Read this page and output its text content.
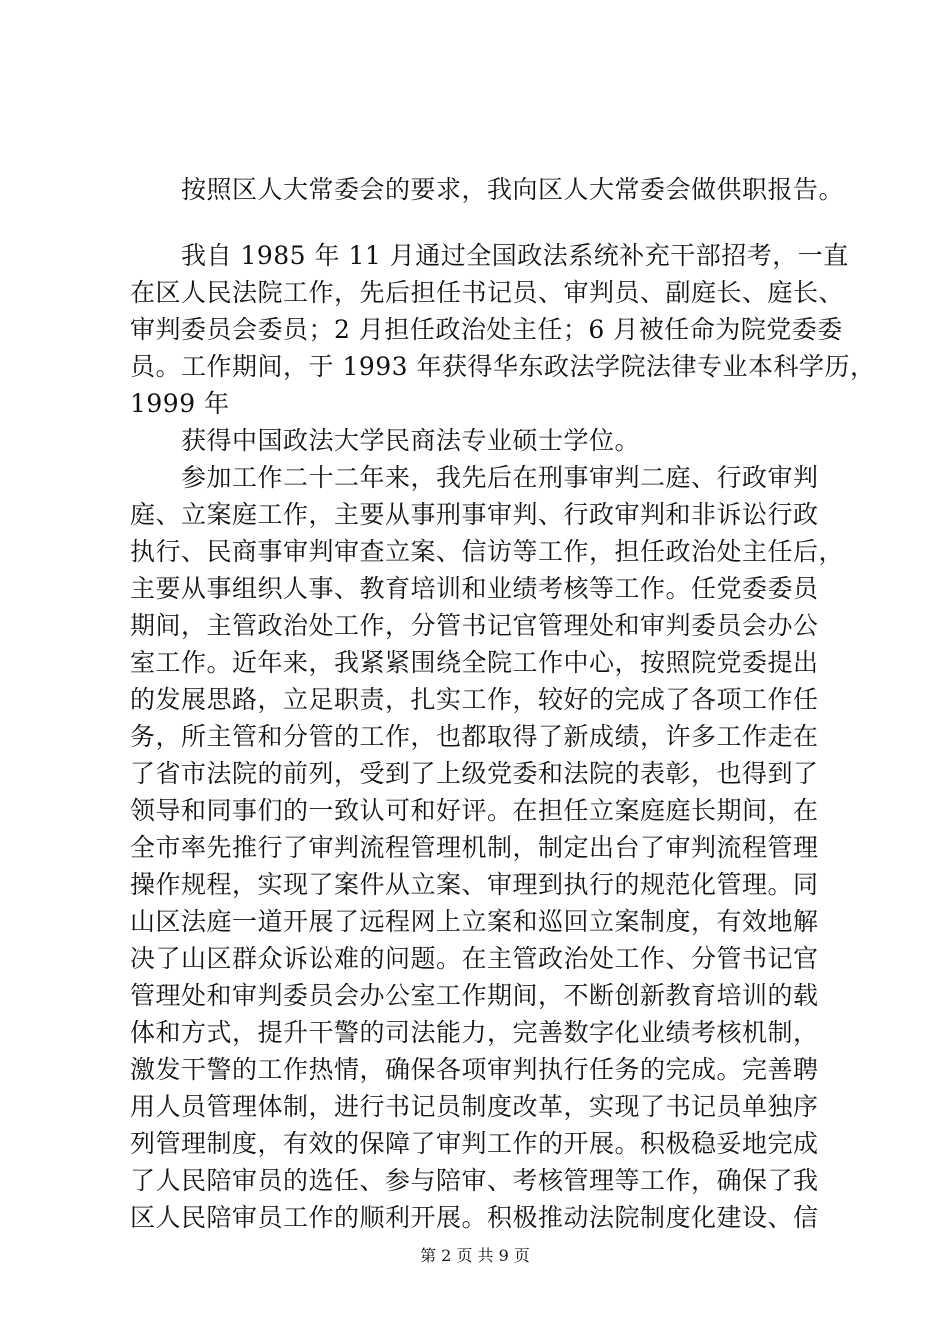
　　按照区人大常委会的要求，我向区人大常委会做供职报告。
　　我自 1985 年 11 月通过全国政法系统补充干部招考，一直
在区人民法院工作，先后担任书记员、审判员、副庭长、庭长、
审判委员会委员；2 月担任政治处主任；6 月被任命为院党委委
员。工作期间，于 1993 年获得华东政法学院法律专业本科学历，
1999 年
　　获得中国政法大学民商法专业硕士学位。
　　参加工作二十二年来，我先后在刑事审判二庭、行政审判
庭、立案庭工作，主要从事刑事审判、行政审判和非诉讼行政
执行、民商事审判审查立案、信访等工作，担任政治处主任后，
主要从事组织人事、教育培训和业绩考核等工作。任党委委员
期间，主管政治处工作，分管书记官管理处和审判委员会办公
室工作。近年来，我紧紧围绕全院工作中心，按照院党委提出
的发展思路，立足职责，扎实工作，较好的完成了各项工作任
务，所主管和分管的工作，也都取得了新成绩，许多工作走在
了省市法院的前列，受到了上级党委和法院的表彰，也得到了
领导和同事们的一致认可和好评。在担任立案庭庭长期间，在
全市率先推行了审判流程管理机制，制定出台了审判流程管理
操作规程，实现了案件从立案、审理到执行的规范化管理。同
山区法庭一道开展了远程网上立案和巡回立案制度，有效地解
决了山区群众诉讼难的问题。在主管政治处工作、分管书记官
管理处和审判委员会办公室工作期间，不断创新教育培训的载
体和方式，提升干警的司法能力，完善数字化业绩考核机制，
激发干警的工作热情，确保各项审判执行任务的完成。完善聘
用人员管理体制，进行书记员制度改革，实现了书记员单独序
列管理制度，有效的保障了审判工作的开展。积极稳妥地完成
了人民陪审员的选任、参与陪审、考核管理等工作，确保了我
区人民陪审员工作的顺利开展。积极推动法院制度化建设、信
第 2 页 共 9 页
